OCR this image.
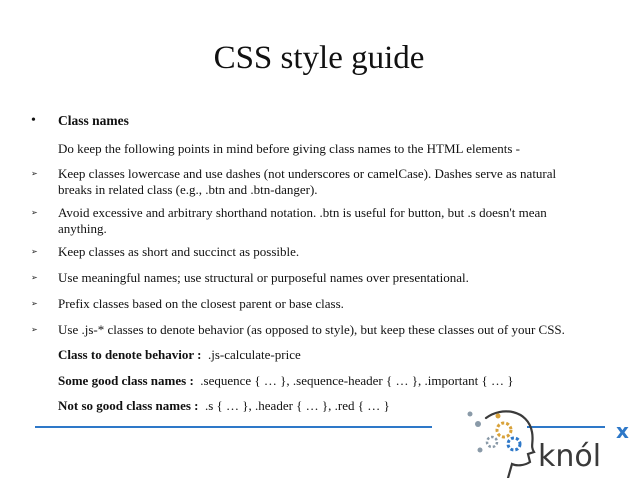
CSS style guide
• Class names
Do keep the following points in mind before giving class names to the HTML elements -
➢ Keep classes lowercase and use dashes (not underscores or camelCase). Dashes serve as natural
breaks in related class (e.g., .btn and .btn-danger).
➢ Avoid excessive and arbitrary shorthand notation. .btn is useful for button, but .s doesn't mean
anything.
➢ Keep classes as short and succinct as possible.
➢ Use meaningful names; use structural or purposeful names over presentational.
➢ Prefix classes based on the closest parent or base class.
➢ Use .js-* classes to denote behavior (as opposed to style), but keep these classes out of your CSS.
Class to denote behavior :  .js-calculate-price
Some good class names :  .sequence { … }, .sequence-header { … }, .important { … }
Not so good class names :  .s { … }, .header { … }, .red { … }
knól
x
